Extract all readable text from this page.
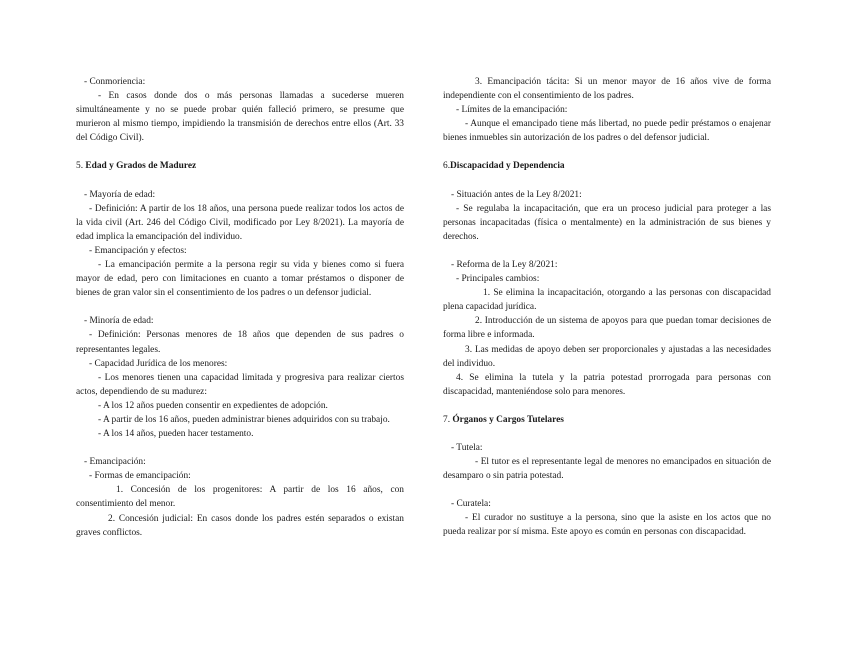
- Conmoriencia:

- En casos donde dos o más personas llamadas a sucederse mueren simultáneamente y no se puede probar quién falleció primero, se presume que murieron al mismo tiempo, impidiendo la transmisión de derechos entre ellos (Art. 33 del Código Civil).

5. Edad y Grados de Madurez

- Mayoría de edad:

- Definición: A partir de los 18 años, una persona puede realizar todos los actos de la vida civil (Art. 246 del Código Civil, modificado por Ley 8/2021). La mayoría de edad implica la emancipación del individuo.

- Emancipación y efectos:

- La emancipación permite a la persona regir su vida y bienes como si fuera mayor de edad, pero con limitaciones en cuanto a tomar préstamos o disponer de bienes de gran valor sin el consentimiento de los padres o un defensor judicial.

- Minoría de edad:

- Definición: Personas menores de 18 años que dependen de sus padres o representantes legales.

- Capacidad Jurídica de los menores:

- Los menores tienen una capacidad limitada y progresiva para realizar ciertos actos, dependiendo de su madurez:

- A los 12 años pueden consentir en expedientes de adopción.

- A partir de los 16 años, pueden administrar bienes adquiridos con su trabajo.

- A los 14 años, pueden hacer testamento.

- Emancipación:

- Formas de emancipación:

1. Concesión de los progenitores: A partir de los 16 años, con consentimiento del menor.

2. Concesión judicial: En casos donde los padres estén separados o existan graves conflictos.

3. Emancipación tácita: Si un menor mayor de 16 años vive de forma independiente con el consentimiento de los padres.

- Límites de la emancipación:

- Aunque el emancipado tiene más libertad, no puede pedir préstamos o enajenar bienes inmuebles sin autorización de los padres o del defensor judicial.

6.Discapacidad y Dependencia

- Situación antes de la Ley 8/2021:

- Se regulaba la incapacitación, que era un proceso judicial para proteger a las personas incapacitadas (física o mentalmente) en la administración de sus bienes y derechos.

- Reforma de la Ley 8/2021:

- Principales cambios:

1. Se elimina la incapacitación, otorgando a las personas con discapacidad plena capacidad jurídica.

2. Introducción de un sistema de apoyos para que puedan tomar decisiones de forma libre e informada.

3. Las medidas de apoyo deben ser proporcionales y ajustadas a las necesidades del individuo.

4. Se elimina la tutela y la patria potestad prorrogada para personas con discapacidad, manteniéndose solo para menores.

7. Órganos y Cargos Tutelares

- Tutela:

- El tutor es el representante legal de menores no emancipados en situación de desamparo o sin patria potestad.

- Curatela:

- El curador no sustituye a la persona, sino que la asiste en los actos que no pueda realizar por sí misma. Este apoyo es común en personas con discapacidad.
